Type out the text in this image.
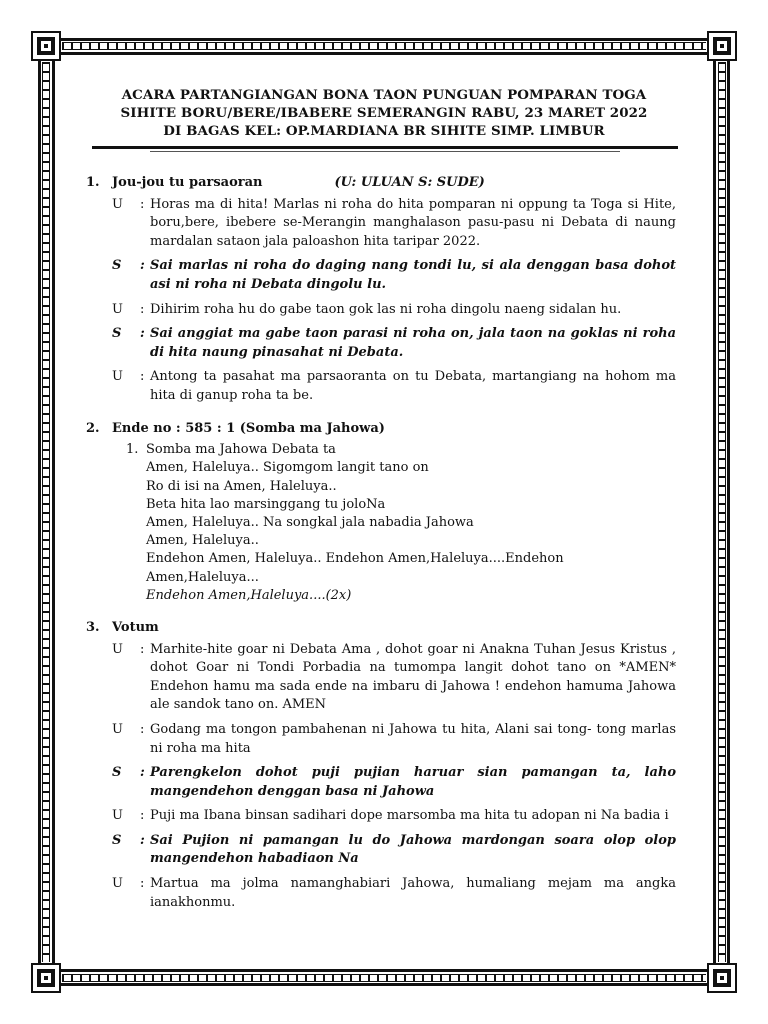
ACARA PARTANGIANGAN BONA TAON PUNGUAN POMPARAN TOGA
SIHITE BORU/BERE/IBABERE SEMERANGIN RABU, 23 MARET 2022
DI BAGAS KEL: OP.MARDIANA BR SIHITE SIMP. LIMBUR
1. Jou-jou tu parsaoran	(U: ULUAN S: SUDE)
U	: Horas ma di hita! Marlas ni roha do hita pomparan ni oppung ta Toga si Hite, boru,bere, ibebere se-Merangin manghalason pasu-pasu ni Debata di naung mardalan sataon jala paloashon hita taripar 2022.
S	: Sai marlas ni roha do daging nang tondi lu, si ala denggan basa dohot asi ni roha ni Debata dingolu lu.
U	: Dihirim roha hu do gabe taon gok las ni roha dingolu naeng sidalan hu.
S	: Sai anggiat ma gabe taon parasi ni roha on, jala taon na goklas ni roha di hita naung pinasahat ni Debata.
U	: Antong ta pasahat ma parsaoranta on tu Debata, martangiang na hohom ma hita di ganup roha ta be.
2. Ende no : 585 : 1 (Somba ma Jahowa)
1. Somba ma Jahowa Debata ta
Amen, Haleluya.. Sigomgom langit tano on
Ro di isi na Amen, Haleluya..
Beta hita lao marsinggang tu joloNa
Amen, Haleluya.. Na songkal jala nabadia Jahowa
Amen, Haleluya..
Endehon Amen, Haleluya.. Endehon Amen,Haleluya....Endehon
Amen,Haleluya...
Endehon Amen,Haleluya....(2x)
3. Votum
U	: Marhite-hite goar ni Debata Ama , dohot goar ni Anakna Tuhan Jesus Kristus , dohot Goar ni Tondi Porbadia na tumompa langit dohot tano on *AMEN* Endehon hamu ma sada ende na imbaru di Jahowa ! endehon hamuma Jahowa ale sandok tano on. AMEN
U	: Godang ma tongon pambahenan ni Jahowa tu hita, Alani sai tong- tong marlas ni roha ma hita
S	: Parengkelon dohot puji pujian haruar sian pamangan ta, laho mangendehon denggan basa ni Jahowa
U	: Puji ma Ibana binsan sadihari dope marsomba ma hita tu adopan ni Na badia i
S	: Sai Pujion ni pamangan lu do Jahowa mardongan soara olop olop mangendehon habadiaon Na
U	: Martua ma jolma namanghabiari Jahowa, humaliang mejam ma angka ianakhonmu.
